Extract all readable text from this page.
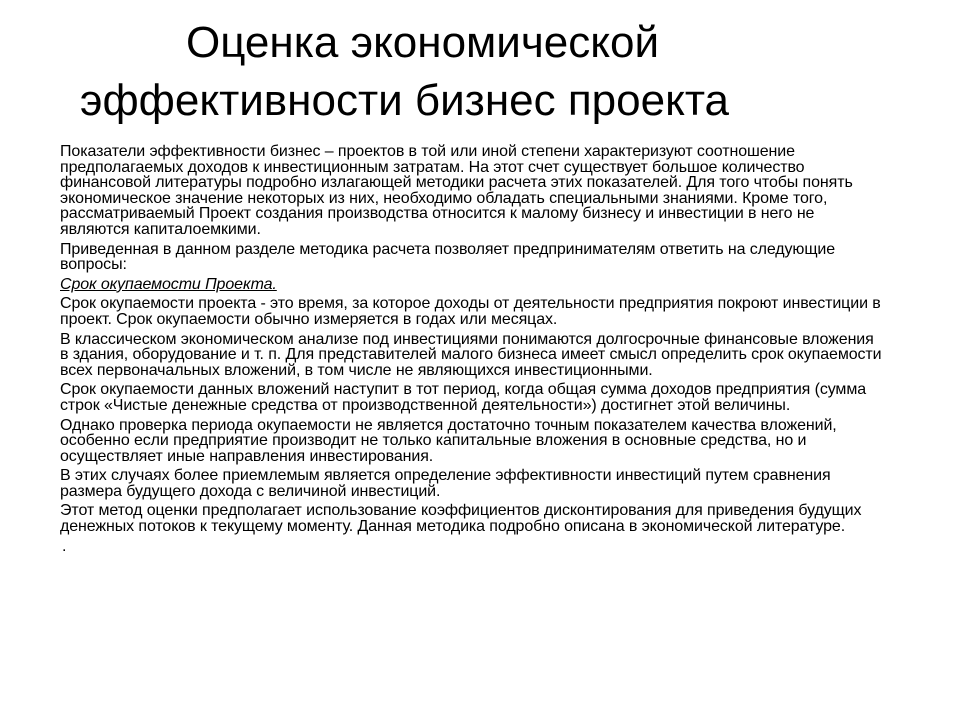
Оценка экономической
эффективности бизнес проекта

Показатели эффективности бизнес – проектов в той или иной степени характеризуют соотношение предполагаемых доходов к инвестиционным затратам. На этот счет существует большое количество финансовой литературы подробно излагающей методики расчета этих показателей. Для того чтобы понять экономическое значение некоторых из них, необходимо обладать специальными знаниями. Кроме того, рассматриваемый Проект создания производства относится к малому бизнесу и инвестиции в него не являются капиталоемкими.

Приведенная в данном разделе методика расчета позволяет предпринимателям ответить на следующие вопросы:

Срок окупаемости Проекта.

Срок окупаемости проекта - это время, за которое доходы от деятельности предприятия покроют инвестиции в проект. Срок окупаемости обычно измеряется в годах или месяцах.

В классическом экономическом анализе под инвестициями понимаются долгосрочные финансовые вложения в здания, оборудование и т. п. Для представителей малого бизнеса имеет смысл определить срок окупаемости всех первоначальных вложений, в том числе не являющихся инвестиционными.

Срок окупаемости данных вложений наступит в тот период, когда общая сумма доходов предприятия (сумма строк «Чистые денежные средства от производственной деятельности») достигнет этой величины.

Однако проверка периода окупаемости не является достаточно точным показателем качества вложений, особенно если предприятие производит не только капитальные вложения в основные средства, но и осуществляет иные направления инвестирования.

В этих случаях более приемлемым является определение эффективности инвестиций путем сравнения размера будущего дохода с величиной инвестиций.

Этот метод оценки предполагает использование коэффициентов дисконтирования для приведения будущих денежных потоков к текущему моменту. Данная методика подробно описана в экономической литературе.

.
